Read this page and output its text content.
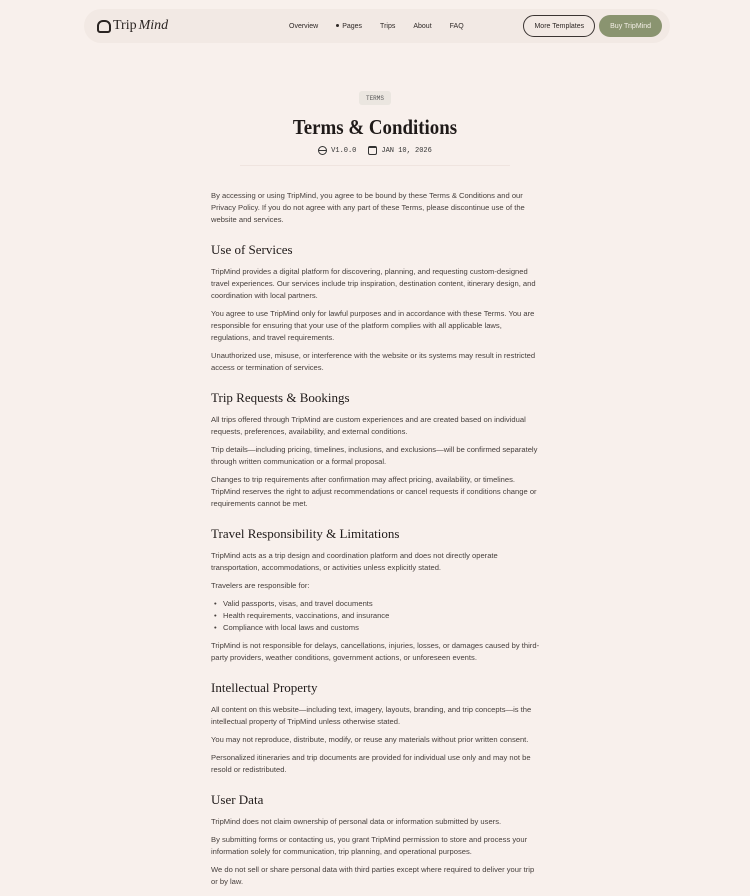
Trip Mind	Overview	Pages	Trips	About	FAQ	More Templates	Buy TripMind
TERMS
Terms & Conditions
V1.0.0	JAN 10, 2026

By accessing or using TripMind, you agree to be bound by these Terms & Conditions and our Privacy Policy. If you do not agree with any part of these Terms, please discontinue use of the website and services.

Use of Services

TripMind provides a digital platform for discovering, planning, and requesting custom-designed travel experiences. Our services include trip inspiration, destination content, itinerary design, and coordination with local partners.

You agree to use TripMind only for lawful purposes and in accordance with these Terms. You are responsible for ensuring that your use of the platform complies with all applicable laws, regulations, and travel requirements.

Unauthorized use, misuse, or interference with the website or its systems may result in restricted access or termination of services.

Trip Requests & Bookings

All trips offered through TripMind are custom experiences and are created based on individual requests, preferences, availability, and external conditions.

Trip details—including pricing, timelines, inclusions, and exclusions—will be confirmed separately through written communication or a formal proposal.

Changes to trip requirements after confirmation may affect pricing, availability, or timelines. TripMind reserves the right to adjust recommendations or cancel requests if conditions change or requirements cannot be met.

Travel Responsibility & Limitations

TripMind acts as a trip design and coordination platform and does not directly operate transportation, accommodations, or activities unless explicitly stated.

Travelers are responsible for:

• Valid passports, visas, and travel documents
• Health requirements, vaccinations, and insurance
• Compliance with local laws and customs

TripMind is not responsible for delays, cancellations, injuries, losses, or damages caused by third-party providers, weather conditions, government actions, or unforeseen events.

Intellectual Property

All content on this website—including text, imagery, layouts, branding, and trip concepts—is the intellectual property of TripMind unless otherwise stated.

You may not reproduce, distribute, modify, or reuse any materials without prior written consent.

Personalized itineraries and trip documents are provided for individual use only and may not be resold or redistributed.

User Data

TripMind does not claim ownership of personal data or information submitted by users.

By submitting forms or contacting us, you grant TripMind permission to store and process your information solely for communication, trip planning, and operational purposes.

We do not sell or share personal data with third parties except where required to deliver your trip or by law.
